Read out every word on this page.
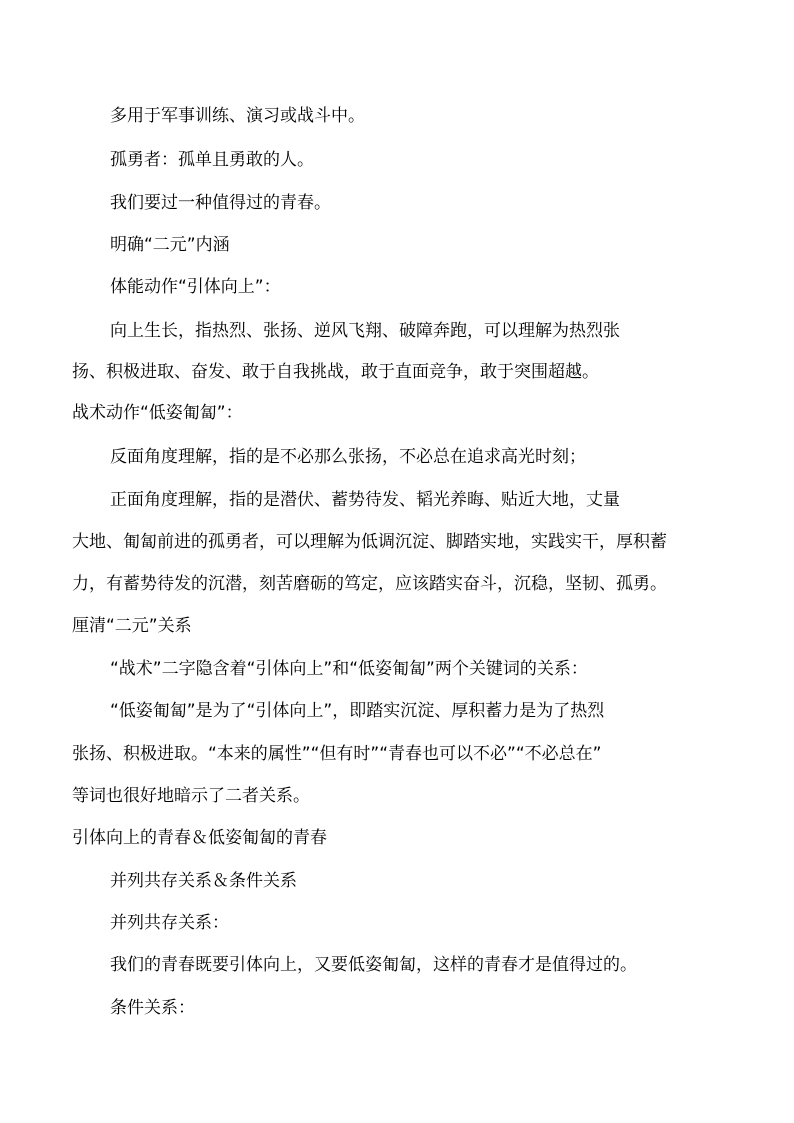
多用于军事训练、演习或战斗中。
孤勇者：孤单且勇敢的人。
我们要过一种值得过的青春。
明确“二元”内涵
体能动作“引体向上”：
向上生长，指热烈、张扬、逆风飞翔、破障奔跑，可以理解为热烈张
扬、积极进取、奋发、敢于自我挑战，敢于直面竞争，敢于突围超越。
战术动作“低姿匍匐”：
反面角度理解，指的是不必那么张扬，不必总在追求高光时刻；
正面角度理解，指的是潜伏、蓄势待发、韬光养晦、贴近大地，丈量
大地、匍匐前进的孤勇者，可以理解为低调沉淀、脚踏实地，实践实干，厚积蓄
力，有蓄势待发的沉潜，刻苦磨砺的笃定，应该踏实奋斗，沉稳，坚韧、孤勇。
厘清“二元”关系
“战术”二字隐含着“引体向上”和“低姿匍匐”两个关键词的关系：
“低姿匍匐”是为了“引体向上”，即踏实沉淀、厚积蓄力是为了热烈
张扬、积极进取。“本来的属性”“但有时”“青春也可以不必”“不必总在”
等词也很好地暗示了二者关系。
引体向上的青春＆低姿匍匐的青春
并列共存关系＆条件关系
并列共存关系：
我们的青春既要引体向上，又要低姿匍匐，这样的青春才是值得过的。
条件关系：
